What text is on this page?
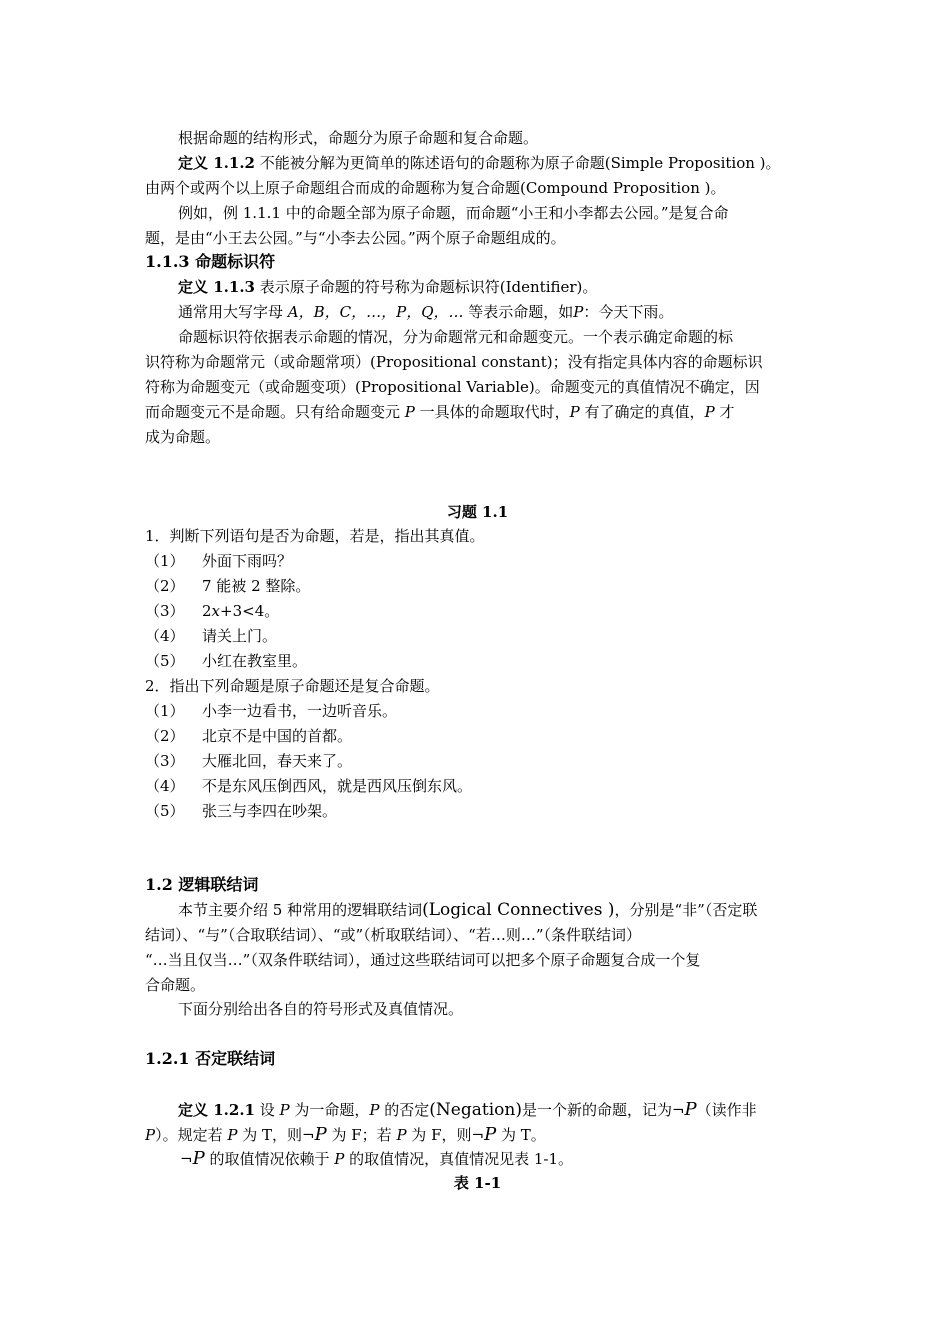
根据命题的结构形式，命题分为原子命题和复合命题。
定义 1.1.2 不能被分解为更简单的陈述语句的命题称为原子命题(Simple Proposition )。
由两个或两个以上原子命题组合而成的命题称为复合命题(Compound Proposition )。
例如，例 1.1.1 中的命题全部为原子命题，而命题“小王和小李都去公园。”是复合命
题，是由“小王去公园。”与“小李去公园。”两个原子命题组成的。
1.1.3 命题标识符
定义 1.1.3 表示原子命题的符号称为命题标识符(Identifier)。
通常用大写字母 A，B，C，…，P，Q，… 等表示命题，如P：今天下雨。
命题标识符依据表示命题的情况，分为命题常元和命题变元。一个表示确定命题的标
识符称为命题常元（或命题常项）(Propositional constant)；没有指定具体内容的命题标识
符称为命题变元（或命题变项）(Propositional Variable)。命题变元的真值情况不确定，因
而命题变元不是命题。只有给命题变元 P 一具体的命题取代时，P 有了确定的真值，P 才
成为命题。
习题 1.1
1．判断下列语句是否为命题，若是，指出其真值。
（1） 外面下雨吗？
（2） 7 能被 2 整除。
（3） 2x+3<4。
（4） 请关上门。
（5） 小红在教室里。
2．指出下列命题是原子命题还是复合命题。
（1） 小李一边看书，一边听音乐。
（2） 北京不是中国的首都。
（3） 大雁北回，春天来了。
（4） 不是东风压倒西风，就是西风压倒东风。
（5） 张三与李四在吵架。
1.2 逻辑联结词
本节主要介绍 5 种常用的逻辑联结词(Logical Connectives )，分别是“非”（否定联
结词）、“与”（合取联结词）、“或”（析取联结词）、“若…则…”（条件联结词）
“…当且仅当…”（双条件联结词），通过这些联结词可以把多个原子命题复合成一个复
合命题。
下面分别给出各自的符号形式及真值情况。
1.2.1 否定联结词
定义 1.2.1 设 P 为一命题，P 的否定(Negation)是一个新的命题，记为¬P（读作非
P）。规定若 P 为 T，则¬P 为 F；若 P 为 F，则¬P 为 T。
¬P 的取值情况依赖于 P 的取值情况，真值情况见表 1-1。
表 1-1
